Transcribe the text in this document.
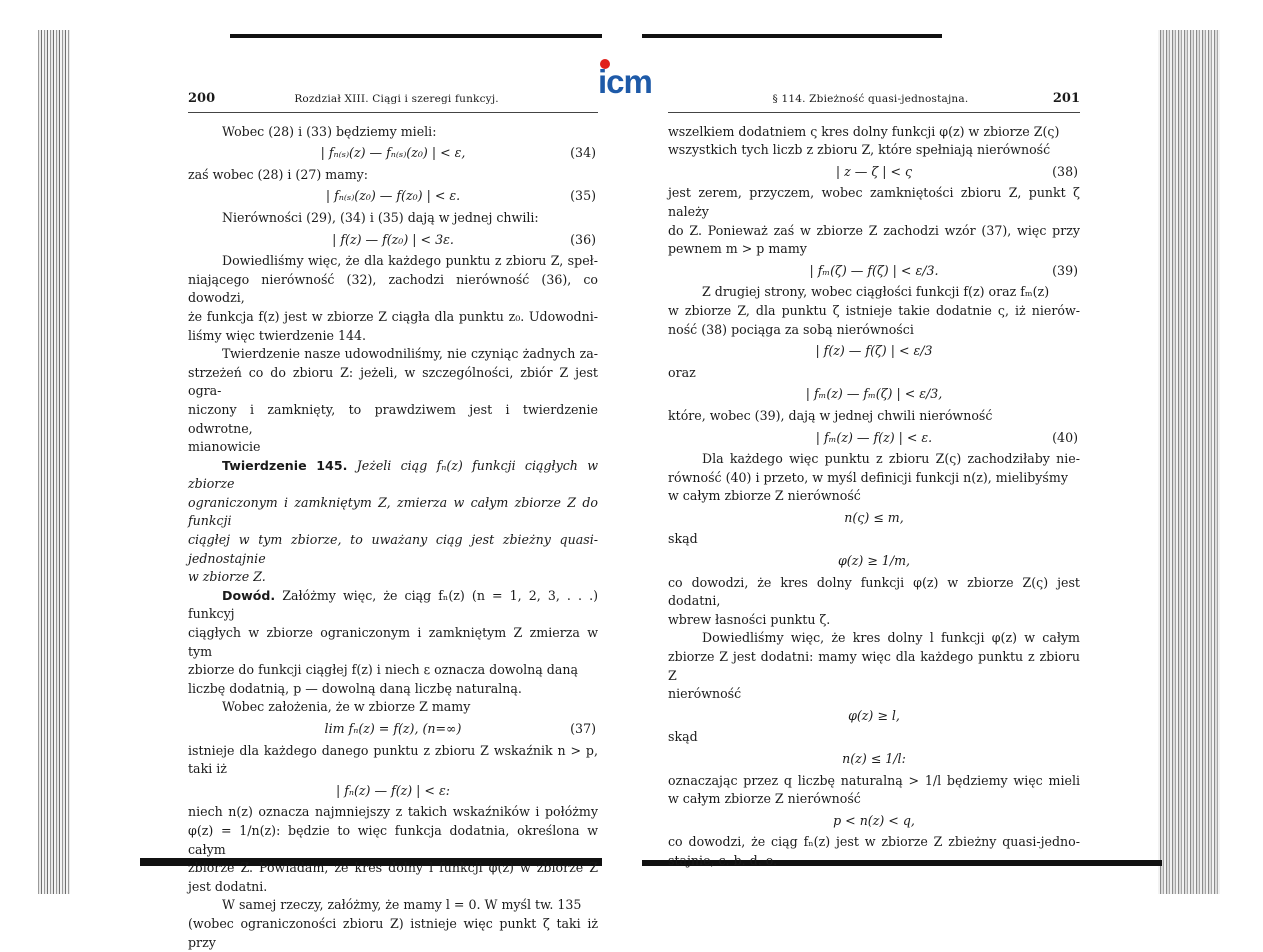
icm
200	Rozdział XIII. Ciągi i szeregi funkcyj.

Wobec (28) i (33) będziemy mieli:

| fₙ₍ₛ₎(z) — fₙ₍ₛ₎(z₀) | < ε,	(34)

zaś wobec (28) i (27) mamy:

| fₙ₍ₛ₎(z₀) — f(z₀) | < ε.	(35)

Nierówności (29), (34) i (35) dają w jednej chwili:

| f(z) — f(z₀) | < 3ε.	(36)

Dowiedliśmy więc, że dla każdego punktu z zbioru Z, speł-

niającego nierówność (32), zachodzi nierówność (36), co dowodzi,

że funkcja f(z) jest w zbiorze Z ciągła dla punktu z₀. Udowodni-

liśmy więc twierdzenie 144.

Twierdzenie nasze udowodniliśmy, nie czyniąc żadnych za-

strzeżeń co do zbioru Z: jeżeli, w szczególności, zbiór Z jest ogra-

niczony i zamknięty, to prawdziwem jest i twierdzenie odwrotne,

mianowicie

Twierdzenie 145. Jeżeli ciąg fₙ(z) funkcji ciągłych w zbiorze

ograniczonym i zamkniętym Z, zmierza w całym zbiorze Z do funkcji

ciągłej w tym zbiorze, to uważany ciąg jest zbieżny quasi-jednostajnie

w zbiorze Z.

Dowód. Załóżmy więc, że ciąg fₙ(z) (n = 1, 2, 3, . . .) funkcyj

ciągłych w zbiorze ograniczonym i zamkniętym Z zmierza w tym

zbiorze do funkcji ciągłej f(z) i niech ε oznacza dowolną daną

liczbę dodatnią, p — dowolną daną liczbę naturalną.

Wobec założenia, że w zbiorze Z mamy

lim fₙ(z) = f(z), (n=∞)	(37)

istnieje dla każdego danego punktu z zbioru Z wskaźnik n > p,

taki iż

| fₙ(z) — f(z) | < ε:

niech n(z) oznacza najmniejszy z takich wskaźników i połóżmy

φ(z) = 1/n(z): będzie to więc funkcja dodatnia, określona w całym

zbiorze Z. Powiadam, że kres dolny l funkcji φ(z) w zbiorze Z

jest dodatni.

W samej rzeczy, załóżmy, że mamy l = 0. W myśl tw. 135

(wobec ograniczoności zbioru Z) istnieje więc punkt ζ taki iż przy

§ 114. Zbieżność quasi-jednostajna.	201

wszelkiem dodatniem ς kres dolny funkcji φ(z) w zbiorze Z(ς)

wszystkich tych liczb z zbioru Z, które spełniają nierówność

| z — ζ | < ς	(38)

jest zerem, przyczem, wobec zamkniętości zbioru Z, punkt ζ należy

do Z. Ponieważ zaś w zbiorze Z zachodzi wzór (37), więc przy

pewnem m > p mamy

| fₘ(ζ) — f(ζ) | < ε/3.	(39)

Z drugiej strony, wobec ciągłości funkcji f(z) oraz fₘ(z)

w zbiorze Z, dla punktu ζ istnieje takie dodatnie ς, iż nierów-

ność (38) pociąga za sobą nierówności

| f(z) — f(ζ) | < ε/3

oraz

| fₘ(z) — fₘ(ζ) | < ε/3,

które, wobec (39), dają w jednej chwili nierówność

| fₘ(z) — f(z) | < ε.	(40)

Dla każdego więc punktu z zbioru Z(ς) zachodziłaby nie-

równość (40) i przeto, w myśl definicji funkcji n(z), mielibyśmy

w całym zbiorze Z nierówność

n(ς) ≤ m,

skąd

φ(z) ≥ 1/m,

co dowodzi, że kres dolny funkcji φ(z) w zbiorze Z(ς) jest dodatni,

wbrew łasności punktu ζ.

Dowiedliśmy więc, że kres dolny l funkcji φ(z) w całym

zbiorze Z jest dodatni: mamy więc dla każdego punktu z zbioru Z

nierówność

φ(z) ≥ l,

skąd

n(z) ≤ 1/l:

oznaczając przez q liczbę naturalną > 1/l będziemy więc mieli

w całym zbiorze Z nierówność

p < n(z) < q,

co dowodzi, że ciąg fₙ(z) jest w zbiorze Z zbieżny quasi-jedno-

stajnie, c. b. d. o.
